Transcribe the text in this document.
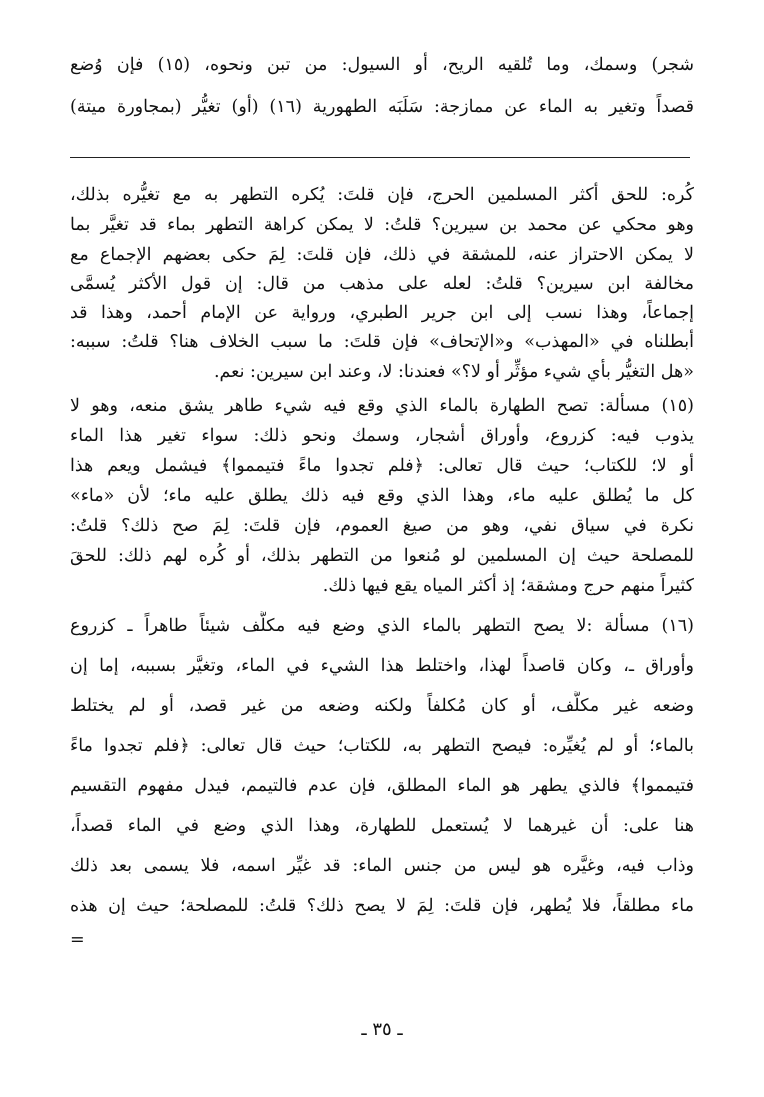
شجر) وسمك، وما تُلقيه الريح، أو السيول: من تبن ونحوه، (١٥) فإن وُضع
قصداً وتغير به الماء عن ممازجة: سَلَبَه الطهورية (١٦) (أو) تغيُّر (بمجاورة ميتة)
كُره: للحق أكثر المسلمين الحرج، فإن قلتَ: يُكره التطهر به مع تغيُّره بذلك،
وهو محكي عن محمد بن سيرين؟ قلتُ: لا يمكن كراهة التطهر بماء قد تغيَّر بما
لا يمكن الاحتراز عنه، للمشقة في ذلك، فإن قلتَ: لِمَ حكى بعضهم الإجماع مع
مخالفة ابن سيرين؟ قلتُ: لعله على مذهب من قال: إن قول الأكثر يُسمَّى
إجماعاً، وهذا نسب إلى ابن جرير الطبري، ورواية عن الإمام أحمد، وهذا قد
أبطلناه في «المهذب» و«الإتحاف» فإن قلتَ: ما سبب الخلاف هنا؟ قلتُ: سببه:
«هل التغيُّر بأي شيء مؤثِّر أو لا؟» فعندنا: لا، وعند ابن سيرين: نعم.
(١٥) مسألة: تصح الطهارة بالماء الذي وقع فيه شيء طاهر يشق منعه، وهو لا
يذوب فيه: كزروع، وأوراق أشجار، وسمك ونحو ذلك: سواء تغير هذا الماء
أو لا؛ للكتاب؛ حيث قال تعالى: ﴿فلم تجدوا ماءً فتيمموا﴾ فيشمل ويعم هذا
كل ما يُطلق عليه ماء، وهذا الذي وقع فيه ذلك يطلق عليه ماء؛ لأن «ماء»
نكرة في سياق نفي، وهو من صيغ العموم، فإن قلتَ: لِمَ صح ذلك؟ قلتُ:
للمصلحة حيث إن المسلمين لو مُنعوا من التطهر بذلك، أو كُره لهم ذلك: للحقَ
كثيراً منهم حرج ومشقة؛ إذ أكثر المياه يقع فيها ذلك.
(١٦) مسألة :لا يصح التطهر بالماء الذي وضع فيه مكلَّف شيئاً طاهراً ـ كزروع
وأوراق ـ، وكان قاصداً لهذا، واختلط هذا الشيء في الماء، وتغيَّر بسببه، إما إن
وضعه غير مكلَّف، أو كان مُكلفاً ولكنه وضعه من غير قصد، أو لم يختلط
بالماء؛ أو لم يُغيِّره: فيصح التطهر به، للكتاب؛ حيث قال تعالى: ﴿فلم تجدوا ماءً
فتيمموا﴾ فالذي يطهر هو الماء المطلق، فإن عدم فالتيمم، فيدل مفهوم التقسيم
هنا على: أن غيرهما لا يُستعمل للطهارة، وهذا الذي وضع في الماء قصداً،
وذاب فيه، وغيَّره هو ليس من جنس الماء: قد غيِّر اسمه، فلا يسمى بعد ذلك
ماء مطلقاً، فلا يُطهر، فإن قلتَ: لِمَ لا يصح ذلك؟ قلتُ: للمصلحة؛ حيث إن هذه
=
ـ ٣٥ ـ
